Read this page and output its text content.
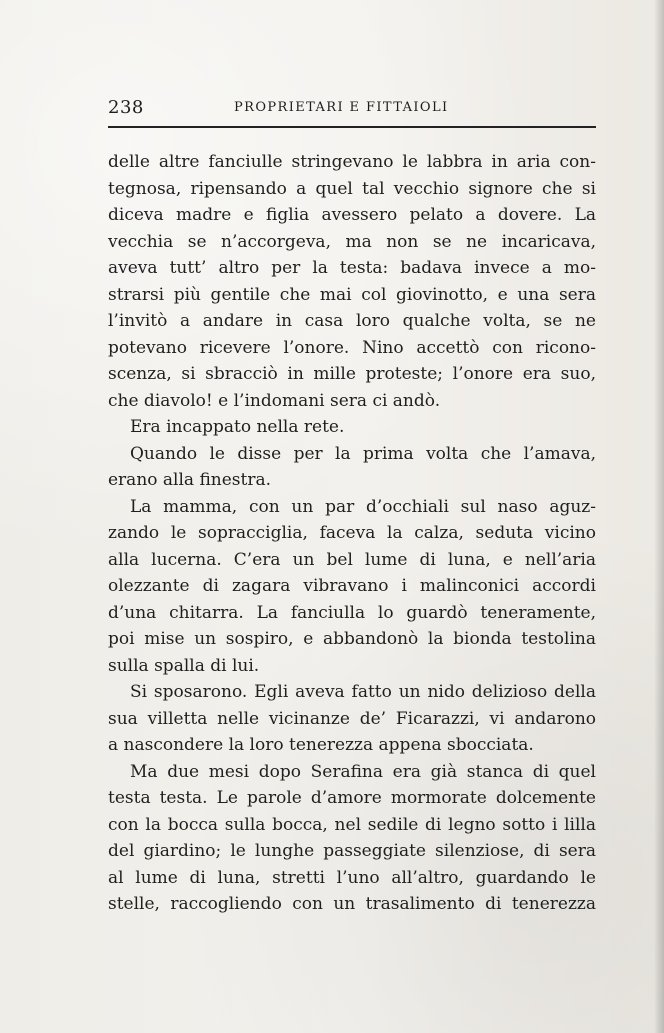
238	PROPRIETARI E FITTAIOLI
delle altre fanciulle stringevano le labbra in aria con-
tegnosa, ripensando a quel tal vecchio signore che si
diceva madre e figlia avessero pelato a dovere. La
vecchia se n’accorgeva, ma non se ne incaricava,
aveva tutt’ altro per la testa: badava invece a mo-
strarsi più gentile che mai col giovinotto, e una sera
l’invitò a andare in casa loro qualche volta, se ne
potevano ricevere l’onore. Nino accettò con ricono-
scenza, si sbracciò in mille proteste; l’onore era suo,
che diavolo! e l’indomani sera ci andò.
Era incappato nella rete.
Quando le disse per la prima volta che l’amava,
erano alla finestra.
La mamma, con un par d’occhiali sul naso aguz-
zando le sopracciglia, faceva la calza, seduta vicino
alla lucerna. C’era un bel lume di luna, e nell’aria
olezzante di zagara vibravano i malinconici accordi
d’una chitarra. La fanciulla lo guardò teneramente,
poi mise un sospiro, e abbandonò la bionda testolina
sulla spalla di lui.
Si sposarono. Egli aveva fatto un nido delizioso della
sua villetta nelle vicinanze de’ Ficarazzi, vi andarono
a nascondere la loro tenerezza appena sbocciata.
Ma due mesi dopo Serafina era già stanca di quel
testa testa. Le parole d’amore mormorate dolcemente
con la bocca sulla bocca, nel sedile di legno sotto i lilla
del giardino; le lunghe passeggiate silenziose, di sera
al lume di luna, stretti l’uno all’altro, guardando le
stelle, raccogliendo con un trasalimento di tenerezza
